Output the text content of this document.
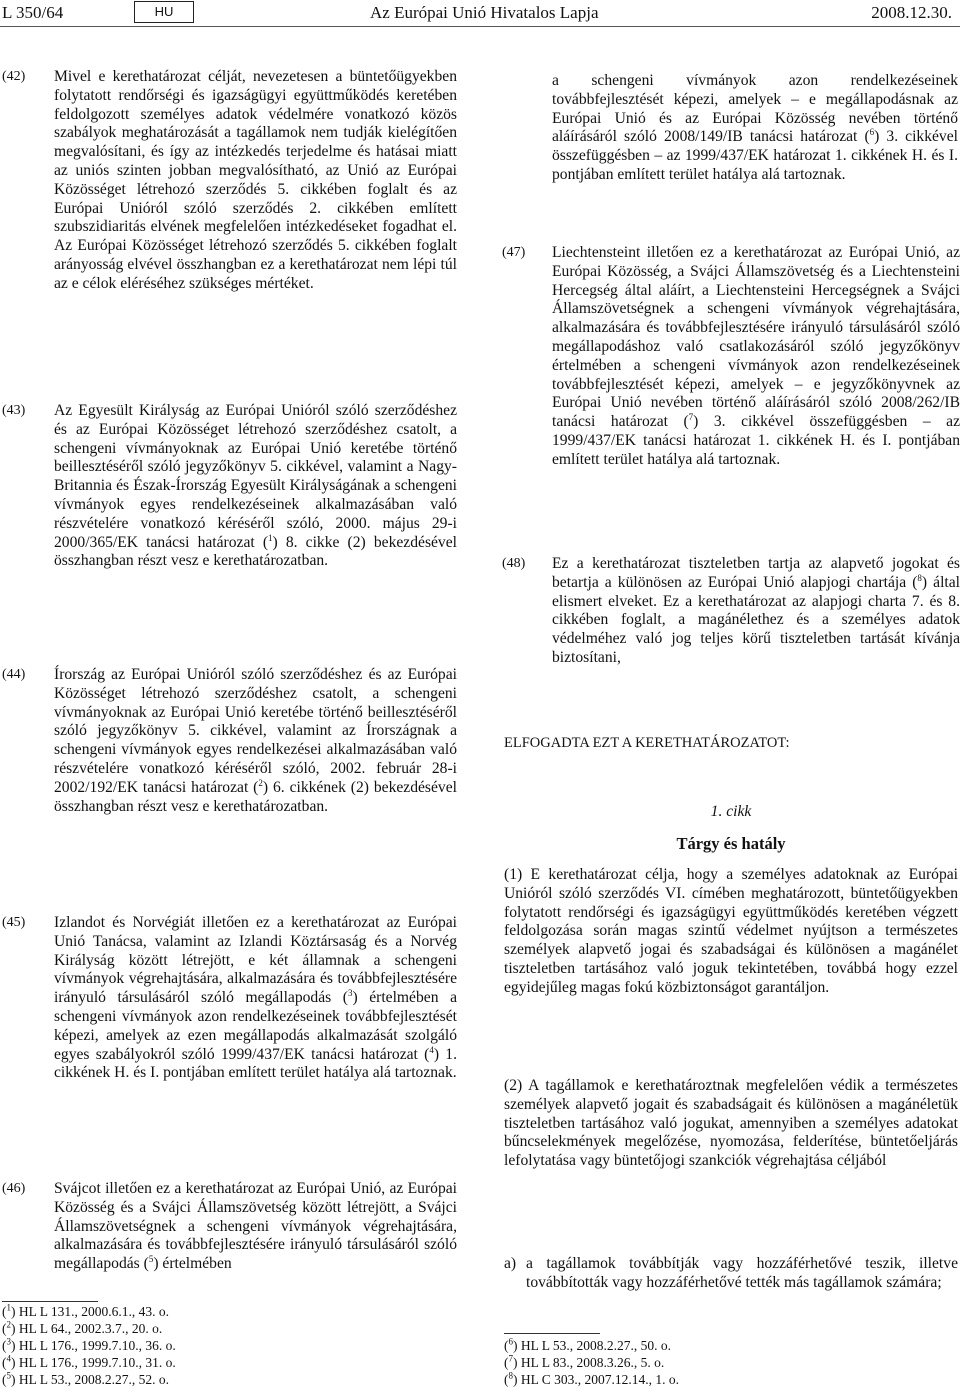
L 350/64	HU	Az Európai Unió Hivatalos Lapja	2008.12.30.
(42) Mivel e kerethatározat célját, nevezetesen a büntetőügyekben folytatott rendőrségi és igazságügyi együttműködés keretében feldolgozott személyes adatok védelmére vonatkozó közös szabályok meghatározását a tagállamok nem tudják kielégítően megvalósítani, és így az intézkedés terjedelme és hatásai miatt az uniós szinten jobban megvalósítható, az Unió az Európai Közösséget létrehozó szerződés 5. cikkében foglalt és az Európai Unióról szóló szerződés 2. cikkében említett szubszidiaritás elvének megfelelően intézkedéseket fogadhat el. Az Európai Közösséget létrehozó szerződés 5. cikkében foglalt arányosság elvével összhangban ez a kerethatározat nem lépi túl az e célok eléréséhez szükséges mértéket.
(43) Az Egyesült Királyság az Európai Unióról szóló szerződéshez és az Európai Közösséget létrehozó szerződéshez csatolt, a schengeni vívmányoknak az Európai Unió keretébe történő beillesztéséről szóló jegyzőkönyv 5. cikkével, valamint a Nagy-Britannia és Észak-Írország Egyesült Királyságának a schengeni vívmányok egyes rendelkezéseinek alkalmazásában való részvételére vonatkozó kéréséről szóló, 2000. május 29-i 2000/365/EK tanácsi határozat ($^1$) 8. cikke (2) bekezdésével összhangban részt vesz e kerethatározatban.
(44) Írország az Európai Unióról szóló szerződéshez és az Európai Közösséget létrehozó szerződéshez csatolt, a schengeni vívmányoknak az Európai Unió keretébe történő beillesztéséről szóló jegyzőkönyv 5. cikkével, valamint az Írországnak a schengeni vívmányok egyes rendelkezései alkalmazásában való részvételére vonatkozó kéréséről szóló, 2002. február 28-i 2002/192/EK tanácsi határozat ($^2$) 6. cikkének (2) bekezdésével összhangban részt vesz e kerethatározatban.
(45) Izlandot és Norvégiát illetően ez a kerethatározat az Európai Unió Tanácsa, valamint az Izlandi Köztársaság és a Norvég Királyság között létrejött, e két államnak a schengeni vívmányok végrehajtására, alkalmazására és továbbfejlesztésére irányuló társulásáról szóló megállapodás ($^3$) értelmében a schengeni vívmányok azon rendelkezéseinek továbbfejlesztését képezi, amelyek az ezen megállapodás alkalmazását szolgáló egyes szabályokról szóló 1999/437/EK tanácsi határozat ($^4$) 1. cikkének H. és I. pontjában említett terület hatálya alá tartoznak.
(46) Svájcot illetően ez a kerethatározat az Európai Unió, az Európai Közösség és a Svájci Államszövetség között létrejött, a Svájci Államszövetségnek a schengeni vívmányok végrehajtására, alkalmazására és továbbfejlesztésére irányuló társulásáról szóló megállapodás ($^5$) értelmében
($^1$) HL L 131., 2000.6.1., 43. o.
($^2$) HL L 64., 2002.3.7., 20. o.
($^3$) HL L 176., 1999.7.10., 36. o.
($^4$) HL L 176., 1999.7.10., 31. o.
($^5$) HL L 53., 2008.2.27., 52. o.
a schengeni vívmányok azon rendelkezéseinek továbbfejlesztését képezi, amelyek – e megállapodásnak az Európai Unió és az Európai Közösség nevében történő aláírásáról szóló 2008/149/IB tanácsi határozat ($^6$) 3. cikkével összefüggésben – az 1999/437/EK határozat 1. cikkének H. és I. pontjában említett terület hatálya alá tartoznak.
(47) Liechtensteint illetően ez a kerethatározat az Európai Unió, az Európai Közösség, a Svájci Államszövetség és a Liechtensteini Hercegség által aláírt, a Liechtensteini Hercegségnek a Svájci Államszövetségnek a schengeni vívmányok végrehajtására, alkalmazására és továbbfejlesztésére irányuló társulásáról szóló megállapodáshoz való csatlakozásáról szóló jegyzőkönyv értelmében a schengeni vívmányok azon rendelkezéseinek továbbfejlesztését képezi, amelyek – e jegyzőkönyvnek az Európai Unió nevében történő aláírásáról szóló 2008/262/IB tanácsi határozat ($^7$) 3. cikkével összefüggésben – az 1999/437/EK tanácsi határozat 1. cikkének H. és I. pontjában említett terület hatálya alá tartoznak.
(48) Ez a kerethatározat tiszteletben tartja az alapvető jogokat és betartja a különösen az Európai Unió alapjogi chartája ($^8$) által elismert elveket. Ez a kerethatározat az alapjogi charta 7. és 8. cikkében foglalt, a magánélethez és a személyes adatok védelméhez való jog teljes körű tiszteletben tartását kívánja biztosítani,
ELFOGADTA EZT A KERETHATÁROZATOT:
1. cikk
Tárgy és hatály
(1) E kerethatározat célja, hogy a személyes adatoknak az Európai Unióról szóló szerződés VI. címében meghatározott, büntetőügyekben folytatott rendőrségi és igazságügyi együttműködés keretében végzett feldolgozása során magas szintű védelmet nyújtson a természetes személyek alapvető jogai és szabadságai és különösen a magánélet tiszteletben tartásához való joguk tekintetében, továbbá hogy ezzel egyidejűleg magas fokú közbiztonságot garantáljon.
(2) A tagállamok e kerethatároztnak megfelelően védik a természetes személyek alapvető jogait és szabadságait és különösen a magánéletük tiszteletben tartásához való jogukat, amennyiben a személyes adatokat bűncselekmények megelőzése, nyomozása, felderítése, büntetőeljárás lefolytatása vagy büntetőjogi szankciók végrehajtása céljából
a) a tagállamok továbbítják vagy hozzáférhetővé teszik, illetve továbbították vagy hozzáférhetővé tették más tagállamok számára;
($^6$) HL L 53., 2008.2.27., 50. o.
($^7$) HL L 83., 2008.3.26., 5. o.
($^8$) HL C 303., 2007.12.14., 1. o.
